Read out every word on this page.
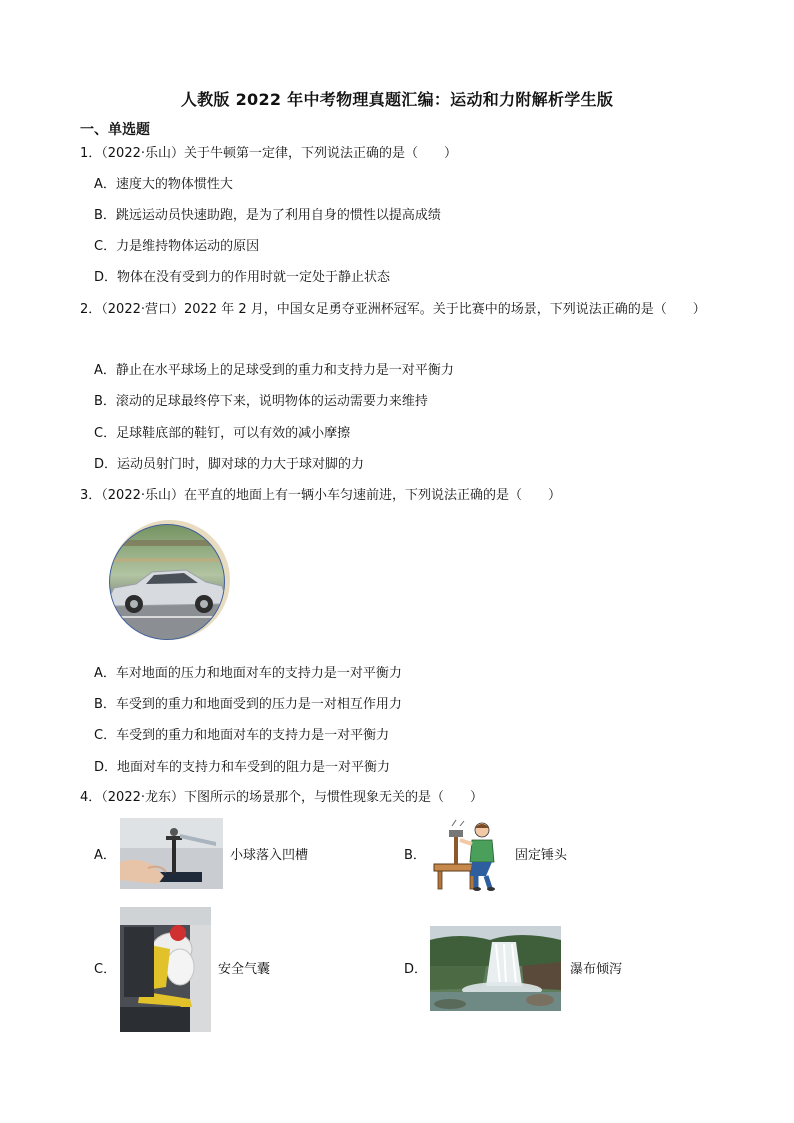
人教版 2022 年中考物理真题汇编：运动和力附解析学生版
一、单选题
1．（2022·乐山）关于牛顿第一定律，下列说法正确的是（　　）
A．速度大的物体惯性大
B．跳远运动员快速助跑，是为了利用自身的惯性以提高成绩
C．力是维持物体运动的原因
D．物体在没有受到力的作用时就一定处于静止状态
2．（2022·营口）2022 年 2 月，中国女足勇夺亚洲杯冠军。关于比赛中的场景，下列说法正确的是（　　）
A．静止在水平球场上的足球受到的重力和支持力是一对平衡力
B．滚动的足球最终停下来，说明物体的运动需要力来维持
C．足球鞋底部的鞋钉，可以有效的减小摩擦
D．运动员射门时，脚对球的力大于球对脚的力
3．（2022·乐山）在平直的地面上有一辆小车匀速前进，下列说法正确的是（　　）
A．车对地面的压力和地面对车的支持力是一对平衡力
B．车受到的重力和地面受到的压力是一对相互作用力
C．车受到的重力和地面对车的支持力是一对平衡力
D．地面对车的支持力和车受到的阻力是一对平衡力
4．（2022·龙东）下图所示的场景那个，与惯性现象无关的是（　　）
A．	小球落入凹槽	B．	固定锤头
C．	安全气囊	D．	瀑布倾泻
